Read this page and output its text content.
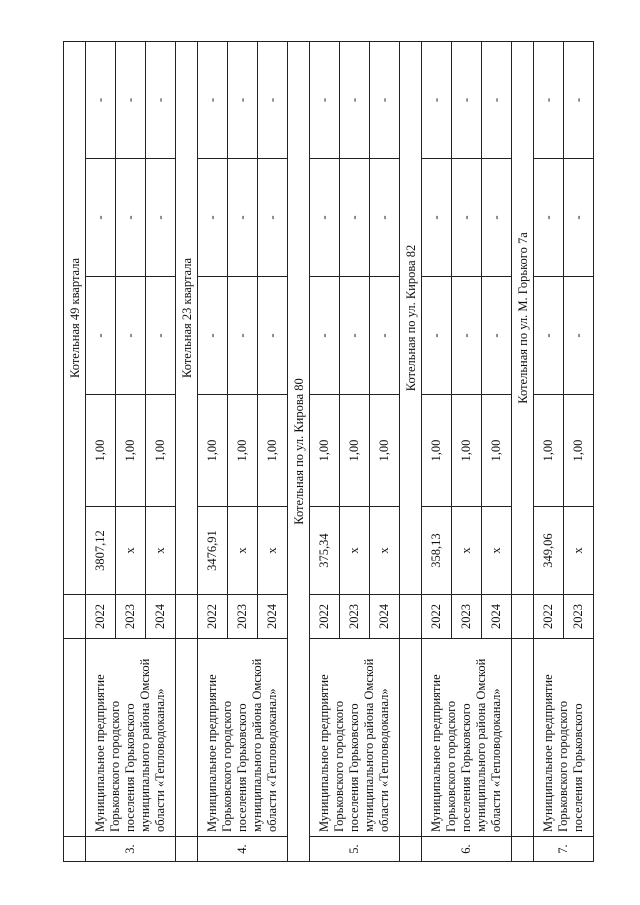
			Котельная 49 квартала				
3.	Муниципальное предприятие Горьковского городского поселения Горьковского муниципального района Омской области «Тепловодоканал»	2022	3807,12	1,00	-	-	-
		2023	х	1,00	-	-	-
		2024	х	1,00	-	-	-
			Котельная 23 квартала				
4.	Муниципальное предприятие Горьковского городского поселения Горьковского муниципального района Омской области «Тепловодоканал»	2022	3476,91	1,00	-	-	-
		2023	х	1,00	-	-	-
		2024	х	1,00	-	-	-
Котельная по ул. Кирова 80							
5.	Муниципальное предприятие Горьковского городского поселения Горьковского муниципального района Омской области «Тепловодоканал»	2022	375,34	1,00	-	-	-
		2023	х	1,00	-	-	-
		2024	х	1,00	-	-	-
			Котельная по ул. Кирова 82				
6.	Муниципальное предприятие Горьковского городского поселения Горьковского муниципального района Омской области «Тепловодоканал»	2022	358,13	1,00	-	-	-
		2023	х	1,00	-	-	-
		2024	х	1,00	-	-	-
			Котельная по ул. М. Горького 7а				
7.	Муниципальное предприятие Горьковского городского поселения Горьковского	2022	349,06	1,00	-	-	-
		2023	х	1,00	-	-	-
